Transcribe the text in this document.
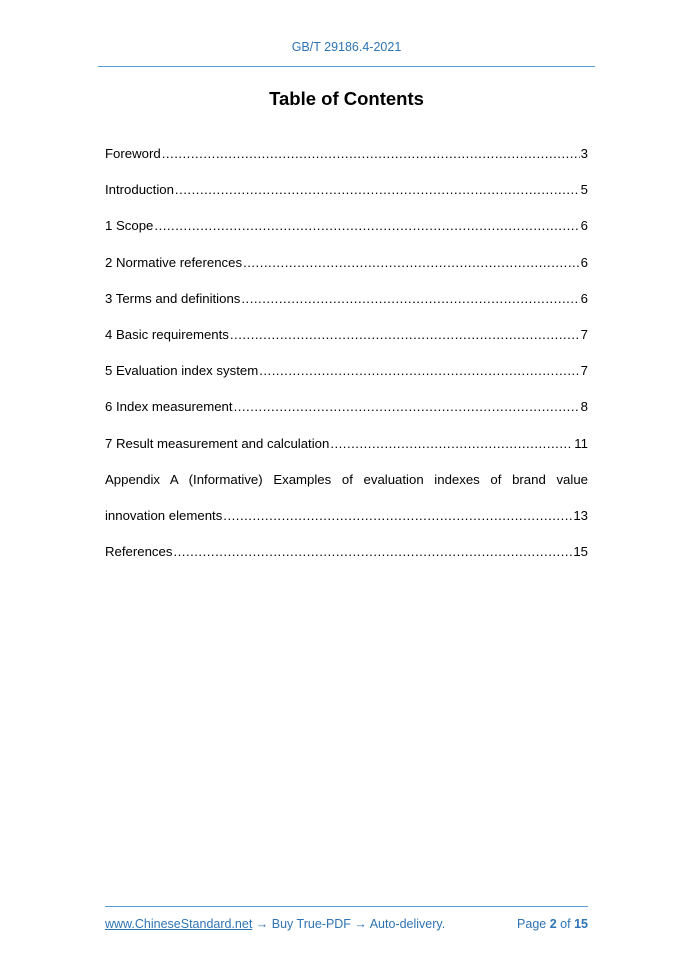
GB/T 29186.4-2021
Table of Contents
Foreword .....	3
Introduction .....	5
1 Scope .....	6
2 Normative references .....	6
3 Terms and definitions .....	6
4 Basic requirements .....	7
5 Evaluation index system .....	7
6 Index measurement .....	8
7 Result measurement and calculation .....	11
Appendix A (Informative) Examples of evaluation indexes of brand value
innovation elements .....	13
References .....	15
www.ChineseStandard.net → Buy True-PDF → Auto-delivery.	Page 2 of 15
